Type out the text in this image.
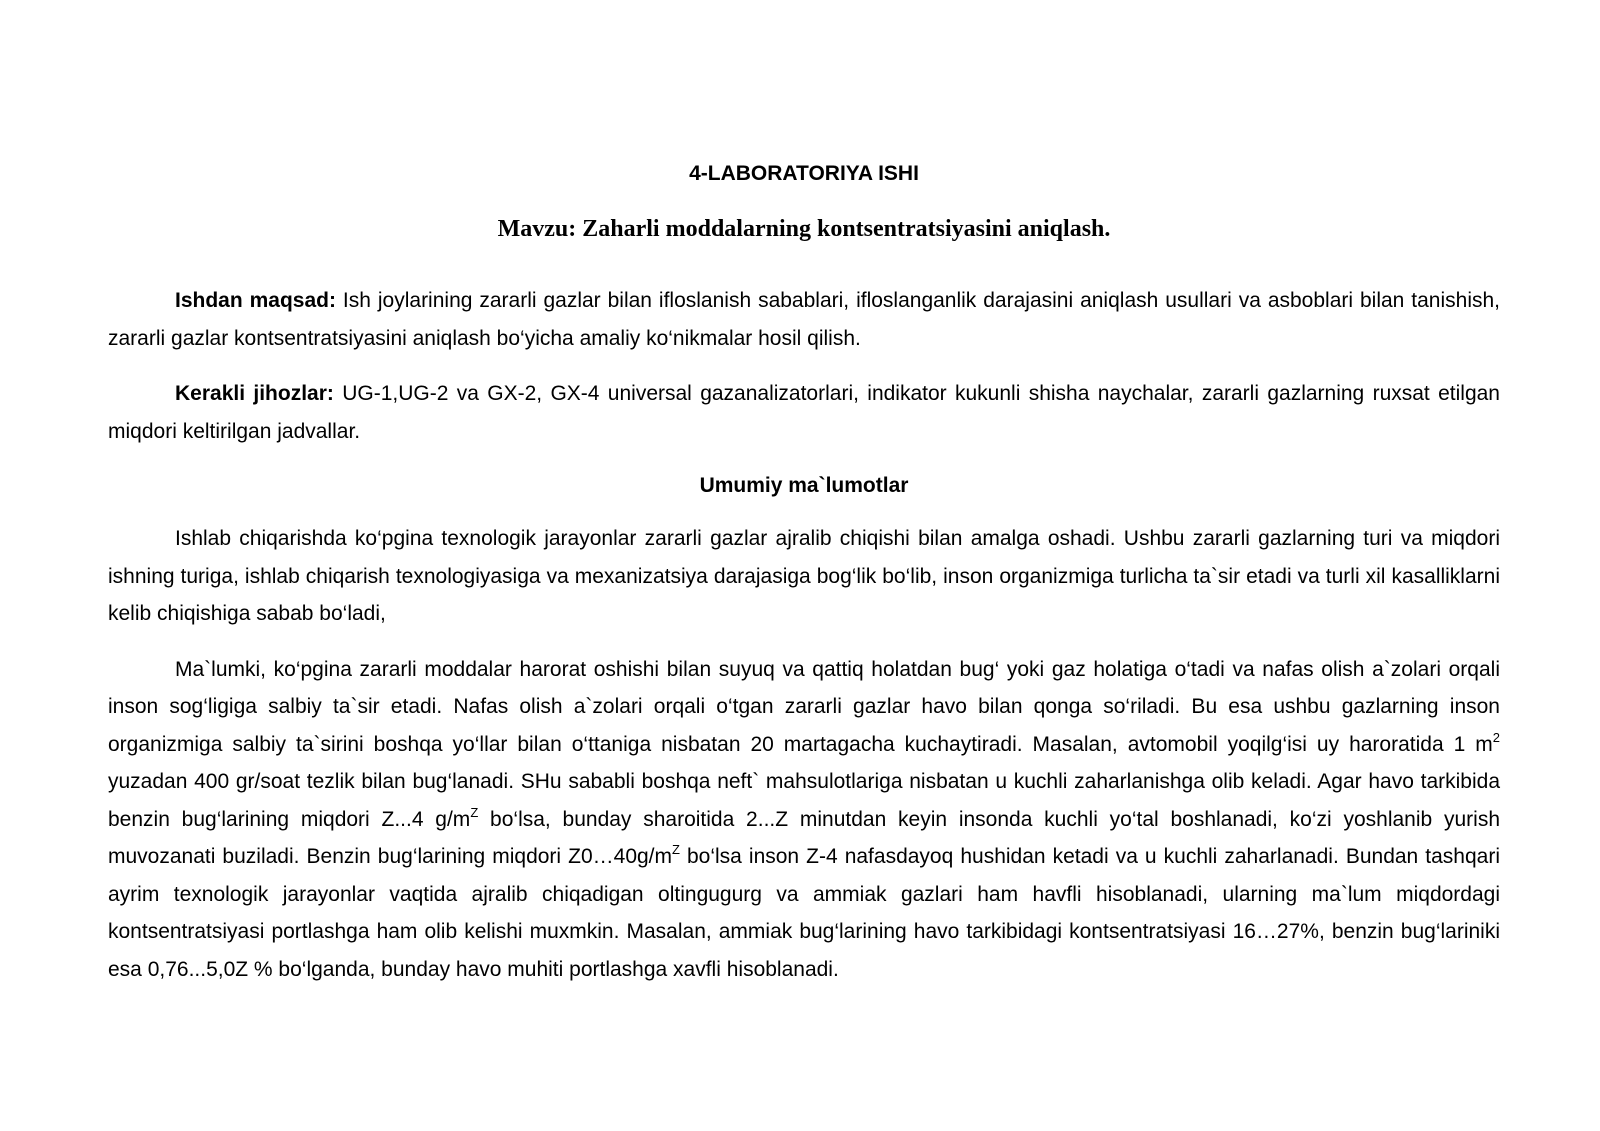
4-LABORATORIYA ISHI

Mavzu: Zaharli moddalarning kontsentratsiyasini aniqlash.

Ishdan maqsad: Ish joylarining zararli gazlar bilan ifloslanish sabablari, ifloslanganlik darajasini aniqlash usullari va asboblari bilan tanishish, zararli gazlar kontsentratsiyasini aniqlash bo‘yicha amaliy ko‘nikmalar hosil qilish.

Kerakli jihozlar: UG-1,UG-2 va GX-2, GX-4 universal gazanalizatorlari, indikator kukunli shisha naychalar, zararli gazlarning ruxsat etilgan miqdori keltirilgan jadvallar.

Umumiy ma`lumotlar

Ishlab chiqarishda ko‘pgina texnologik jarayonlar zararli gazlar ajralib chiqishi bilan amalga oshadi. Ushbu zararli gazlarning turi va miqdori ishning turiga, ishlab chiqarish texnologiyasiga va mexanizatsiya darajasiga bog‘lik bo‘lib, inson organizmiga turlicha ta`sir etadi va turli xil kasalliklarni kelib chiqishiga sabab bo‘ladi,

Ma`lumki, ko‘pgina zararli moddalar harorat oshishi bilan suyuq va qattiq holatdan bug‘ yoki gaz holatiga o‘tadi va nafas olish a`zolari orqali inson sog‘ligiga salbiy ta`sir etadi. Nafas olish a`zolari orqali o‘tgan zararli gazlar havo bilan qonga so‘riladi. Bu esa ushbu gazlarning inson organizmiga salbiy ta`sirini boshqa yo‘llar bilan o‘ttaniga nisbatan 20 martagacha kuchaytiradi. Masalan, avtomobil yoqilg‘isi uy haroratida 1 $m^2$ yuzadan 400 gr/soat tezlik bilan bug‘lanadi. SHu sababli boshqa neft` mahsulotlariga nisbatan u kuchli zaharlanishga olib keladi. Agar havo tarkibida benzin bug‘larining miqdori Z...4 $g/m^Z$ bo‘lsa, bunday sharoitida 2...Z minutdan keyin insonda kuchli yo‘tal boshlanadi, ko‘zi yoshlanib yurish muvozanati buziladi. Benzin bug‘larining miqdori $Z0\dots 40g/m^Z$ bo‘lsa inson Z-4 nafasdayoq hushidan ketadi va u kuchli zaharlanadi. Bundan tashqari ayrim texnologik jarayonlar vaqtida ajralib chiqadigan oltingugurg va ammiak gazlari ham havfli hisoblanadi, ularning ma`lum miqdordagi kontsentratsiyasi portlashga ham olib kelishi muxmkin. Masalan, ammiak bug‘larining havo tarkibidagi kontsentratsiyasi 16…27%, benzin bug‘lariniki esa 0,76...5,0Z % bo‘lganda, bunday havo muhiti portlashga xavfli hisoblanadi.
